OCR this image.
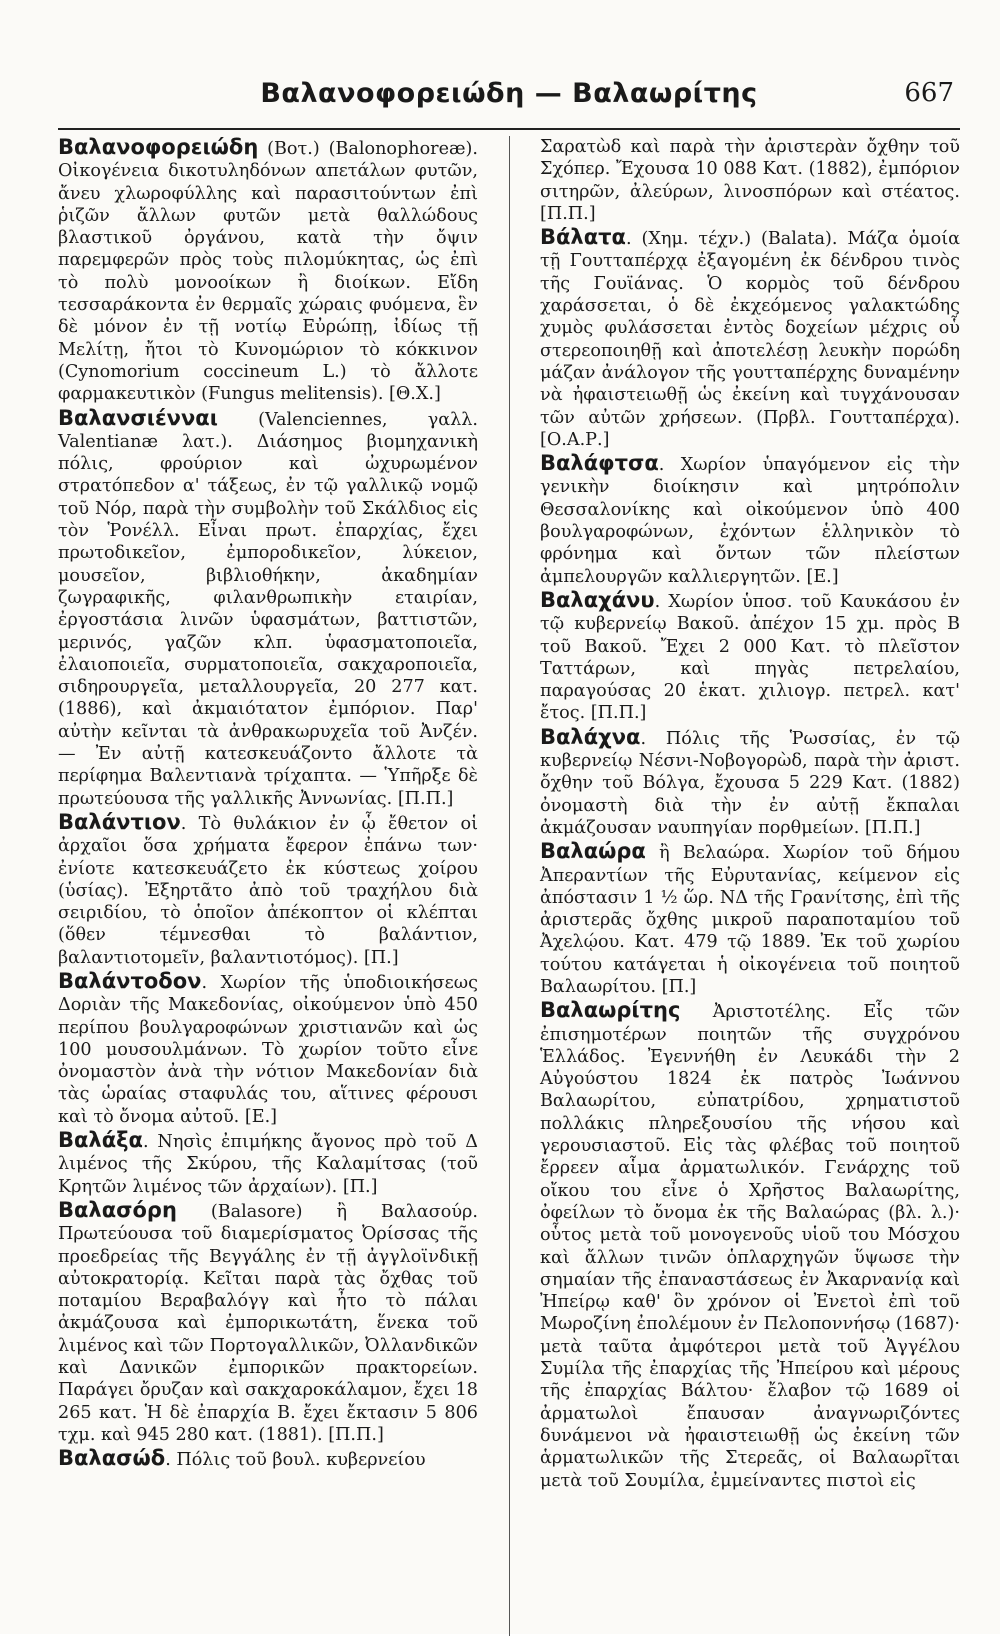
Βαλανοφορειώδη — Βαλαωρίτης	667

Βαλανοφορειώδη (Βοτ.) (Balonophoreæ). Οἰκογένεια δικοτυληδόνων απετάλων φυτῶν, ἄνευ χλωροφύλλης καὶ παρασιτούντων ἐπὶ ῥιζῶν ἄλλων φυτῶν μετὰ θαλλώδους βλαστικοῦ ὀργάνου, κατὰ τὴν ὄψιν παρεμφερῶν πρὸς τοὺς πιλομύκητας, ὡς ἐπὶ τὸ πολὺ μονοοίκων ἢ διοίκων. Εἴδη τεσσαράκοντα ἐν θερμαῖς χώραις φυόμενα, ἓν δὲ μόνον ἐν τῇ νοτίῳ Εὐρώπῃ, ἰδίως τῇ Μελίτῃ, ἤτοι τὸ Κυνομώριον τὸ κόκκινον (Cynomorium coccineum L.) τὸ ἄλλοτε φαρμακευτικὸν (Fungus melitensis). [Θ.Χ.]

Βαλανσιένναι (Valenciennes, γαλλ. Valentianæ λατ.). Διάσημος βιομηχανικὴ πόλις, φρούριον καὶ ὠχυρωμένον στρατόπεδον α' τάξεως, ἐν τῷ γαλλικῷ νομῷ τοῦ Νόρ, παρὰ τὴν συμβολὴν τοῦ Σκάλδιος εἰς τὸν Ῥονέλλ. Εἶναι πρωτ. ἐπαρχίας, ἔχει πρωτοδικεῖον, ἐμποροδικεῖον, λύκειον, μουσεῖον, βιβλιοθήκην, ἀκαδημίαν ζωγραφικῆς, φιλανθρωπικὴν εταιρίαν, ἐργοστάσια λινῶν ὑφασμάτων, βαττιστῶν, μερινός, γαζῶν κλπ. ὑφασματοποιεῖα, ἐλαιοποιεῖα, συρματοποιεῖα, σακχαροποιεῖα, σιδηρουργεῖα, μεταλλουργεῖα, 20 277 κατ. (1886), καὶ ἀκμαιότατον ἐμπόριον. Παρ' αὐτὴν κεῖνται τὰ ἀνθρακωρυχεῖα τοῦ Ἀνζέν. — Ἐν αὐτῇ κατεσκευάζοντο ἄλλοτε τὰ περίφημα Βαλεντιανὰ τρίχαπτα. — Ὑπῆρξε δὲ πρωτεύουσα τῆς γαλλικῆς Ἀννωνίας. [Π.Π.]

Βαλάντιον. Τὸ θυλάκιον ἐν ᾧ ἔθετον οἱ ἀρχαῖοι ὅσα χρήματα ἔφερον ἐπάνω των· ἐνίοτε κατεσκευάζετο ἐκ κύστεως χοίρου (ὑσίας). Ἐξηρτᾶτο ἀπὸ τοῦ τραχήλου διὰ σειριδίου, τὸ ὁποῖον ἀπέκοπτον οἱ κλέπται (ὅθεν τέμνεσθαι τὸ βαλάντιον, βαλαντιοτομεῖν, βαλαντιοτόμος). [Π.]

Βαλάντοδον. Χωρίον τῆς ὑποδιοικήσεως Δοριὰν τῆς Μακεδονίας, οἰκούμενον ὑπὸ 450 περίπου βουλγαροφώνων χριστιανῶν καὶ ὡς 100 μουσουλμάνων. Τὸ χωρίον τοῦτο εἶνε ὀνομαστὸν ἀνὰ τὴν νότιον Μακεδονίαν διὰ τὰς ὡραίας σταφυλάς του, αἵτινες φέρουσι καὶ τὸ ὄνομα αὐτοῦ. [Ε.]

Βαλάξα. Νησὶς ἐπιμήκης ἄγονος πρὸ τοῦ Δ λιμένος τῆς Σκύρου, τῆς Καλαμίτσας (τοῦ Κρητῶν λιμένος τῶν ἀρχαίων). [Π.]

Βαλασόρη (Balasore) ἢ Βαλασούρ. Πρωτεύουσα τοῦ διαμερίσματος Ὀρίσσας τῆς προεδρείας τῆς Βεγγάλης ἐν τῇ ἀγγλοϊνδικῇ αὐτοκρατορίᾳ. Κεῖται παρὰ τὰς ὄχθας τοῦ ποταμίου Βεραβαλόγγ καὶ ἦτο τὸ πάλαι ἀκμάζουσα καὶ ἐμπορικωτάτη, ἕνεκα τοῦ λιμένος καὶ τῶν Πορτογαλλικῶν, Ὀλλανδικῶν καὶ Δανικῶν ἐμπορικῶν πρακτορείων. Παράγει ὄρυζαν καὶ σακχαροκάλαμον, ἔχει 18 265 κατ. Ἡ δὲ ἐπαρχία Β. ἔχει ἔκτασιν 5 806 τχμ. καὶ 945 280 κατ. (1881). [Π.Π.]

Βαλασώδ. Πόλις τοῦ βουλ. κυβερνείου

Σαρατὼδ καὶ παρὰ τὴν ἀριστερὰν ὄχθην τοῦ Σχόπερ. Ἔχουσα 10 088 Κατ. (1882), ἐμπόριον σιτηρῶν, ἀλεύρων, λινοσπόρων καὶ στέατος. [Π.Π.]

Βάλατα. (Χημ. τέχν.) (Balata). Μάζα ὁμοία τῇ Γουτταπέρχᾳ ἐξαγομένη ἐκ δένδρου τινὸς τῆς Γουϊάνας. Ὁ κορμὸς τοῦ δένδρου χαράσσεται, ὁ δὲ ἐκχεόμενος γαλακτώδης χυμὸς φυλάσσεται ἐντὸς δοχείων μέχρις οὗ στερεοποιηθῇ καὶ ἀποτελέσῃ λευκὴν πορώδη μάζαν ἀνάλογον τῆς γουτταπέρχης δυναμένην νὰ ἠφαιστειωθῇ ὡς ἐκείνη καὶ τυγχάνουσαν τῶν αὐτῶν χρήσεων. (Πρβλ. Γουτταπέρχα). [Ο.Α.Ρ.]

Βαλάφτσα. Χωρίον ὑπαγόμενον εἰς τὴν γενικὴν διοίκησιν καὶ μητρόπολιν Θεσσαλονίκης καὶ οἰκούμενον ὑπὸ 400 βουλγαροφώνων, ἐχόντων ἑλληνικὸν τὸ φρόνημα καὶ ὄντων τῶν πλείστων ἀμπελουργῶν καλλιεργητῶν. [Ε.]

Βαλαχάνυ. Χωρίον ὑποσ. τοῦ Καυκάσου ἐν τῷ κυβερνείῳ Βακοῦ. ἀπέχον 15 χμ. πρὸς Β τοῦ Βακοῦ. Ἔχει 2 000 Κατ. τὸ πλεῖστον Ταττάρων, καὶ πηγὰς πετρελαίου, παραγούσας 20 ἑκατ. χιλιογρ. πετρελ. κατ' ἔτος. [Π.Π.]

Βαλάχνα. Πόλις τῆς Ῥωσσίας, ἐν τῷ κυβερνείῳ Νέσνι-Νοβογορὼδ, παρὰ τὴν ἀριστ. ὄχθην τοῦ Βόλγα, ἔχουσα 5 229 Κατ. (1882) ὀνομαστὴ διὰ τὴν ἐν αὐτῇ ἔκπαλαι ἀκμάζουσαν ναυπηγίαν πορθμείων. [Π.Π.]

Βαλαώρα ἢ Βελαώρα. Χωρίον τοῦ δήμου Ἀπεραντίων τῆς Εὐρυτανίας, κείμενον εἰς ἀπόστασιν 1 ½ ὥρ. ΝΔ τῆς Γρανίτσης, ἐπὶ τῆς ἀριστερᾶς ὄχθης μικροῦ παραποταμίου τοῦ Ἀχελῴου. Κατ. 479 τῷ 1889. Ἐκ τοῦ χωρίου τούτου κατάγεται ἡ οἰκογένεια τοῦ ποιητοῦ Βαλαωρίτου. [Π.]

Βαλαωρίτης Ἀριστοτέλης. Εἷς τῶν ἐπισημοτέρων ποιητῶν τῆς συγχρόνου Ἑλλάδος. Ἐγεννήθη ἐν Λευκάδι τὴν 2 Αὐγούστου 1824 ἐκ πατρὸς Ἰωάννου Βαλαωρίτου, εὐπατρίδου, χρηματιστοῦ πολλάκις πληρεξουσίου τῆς νήσου καὶ γερουσιαστοῦ. Εἰς τὰς φλέβας τοῦ ποιητοῦ ἔρρεεν αἷμα ἀρματωλικόν. Γενάρχης τοῦ οἴκου του εἶνε ὁ Χρῆστος Βαλαωρίτης, ὀφείλων τὸ ὄνομα ἐκ τῆς Βαλαώρας (βλ. λ.)· οὗτος μετὰ τοῦ μονογενοῦς υἱοῦ του Μόσχου καὶ ἄλλων τινῶν ὁπλαρχηγῶν ὕψωσε τὴν σημαίαν τῆς ἐπαναστάσεως ἐν Ἀκαρνανίᾳ καὶ Ἠπείρῳ καθ' ὃν χρόνον οἱ Ἐνετοὶ ἐπὶ τοῦ Μωροζίνη ἐπολέμουν ἐν Πελοποννήσῳ (1687)· μετὰ ταῦτα ἀμφότεροι μετὰ τοῦ Ἀγγέλου Συμίλα τῆς ἐπαρχίας τῆς Ἠπείρου καὶ μέρους τῆς ἐπαρχίας Βάλτου· ἔλαβον τῷ 1689 οἱ ἀρματωλοὶ ἔπαυσαν ἀναγνωριζόντες δυνάμενοι νὰ ἠφαιστειωθῇ ὡς ἐκείνη τῶν ἁρματωλικῶν τῆς Στερεᾶς, οἱ Βαλαωρῖται μετὰ τοῦ Σουμίλα, ἐμμείναντες πιστοὶ εἰς
